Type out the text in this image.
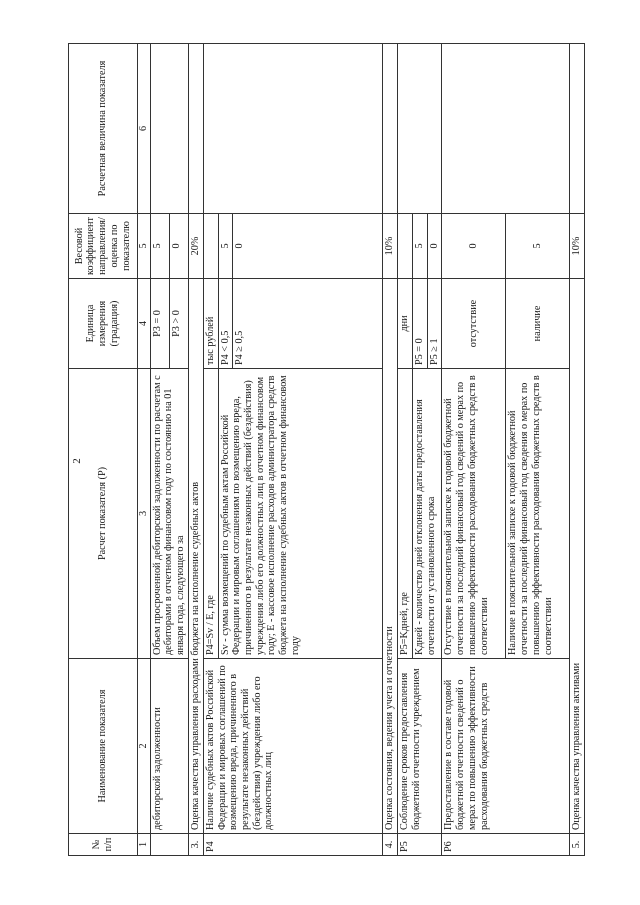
2
№ п/п	Наименование показателя	Расчет показателя (P)	Единица измерения (градация)	Весовой коэффициент направления/ оценка по показателю	Расчетная величина показателя
1	2	3	4	5	6
	дебиторской задолженности	Объем просроченной дебиторской задолженности по расчетам с дебиторами в отчетном финансовом году по состоянию на 01 января года, следующего за	P3 = 0	5	
			P3 > 0	0	
3.	Оценка качества управления расходами бюджета на исполнение судебных актов			20%	
P4	Наличие судебных актов Российской Федерации и мировых соглашений по возмещению вреда, причиненного в результате незаконных действий (бездействия) учреждения либо его должностных лиц	P4=Sv / E, где	тыс рублей		
		Sv - сумма возмещений по судебным актам Российской Федерации и мировым соглашениям по возмещению вреда, причиненного в результате незаконных действий (бездействия) учреждения либо его должностных лиц в отчетном финансовом году; E - кассовое исполнение расходов администратора средств бюджета на исполнение судебных актов в отчетном финансовом году	P4 < 0,5	5	
			P4 ≥ 0,5	0	
4.	Оценка состояния, ведения учета и отчетности			10%	
P5	Соблюдение сроков предоставления бюджетной отчетности учреждением	P5=Kдней, где	дни		
		Kдней - количество дней отклонения даты предоставления отчетности от установленного срока	P5 = 0	5	
			P5 ≥ 1	0	
P6	Предоставление в составе годовой бюджетной отчетности сведений о мерах по повышению эффективности расходования бюджетных средств	Отсутствие в пояснительной записке к годовой бюджетной отчетности за последний финансовый год сведений о мерах по повышению эффективности расходования бюджетных средств в соответствии	отсутствие	0	
		Наличие в пояснительной записке к годовой бюджетной отчетности за последний финансовый год сведения о мерах по повышению эффективности расходования бюджетных средств в соответствии	наличие	5	
5.	Оценка качества управления активами			10%	
